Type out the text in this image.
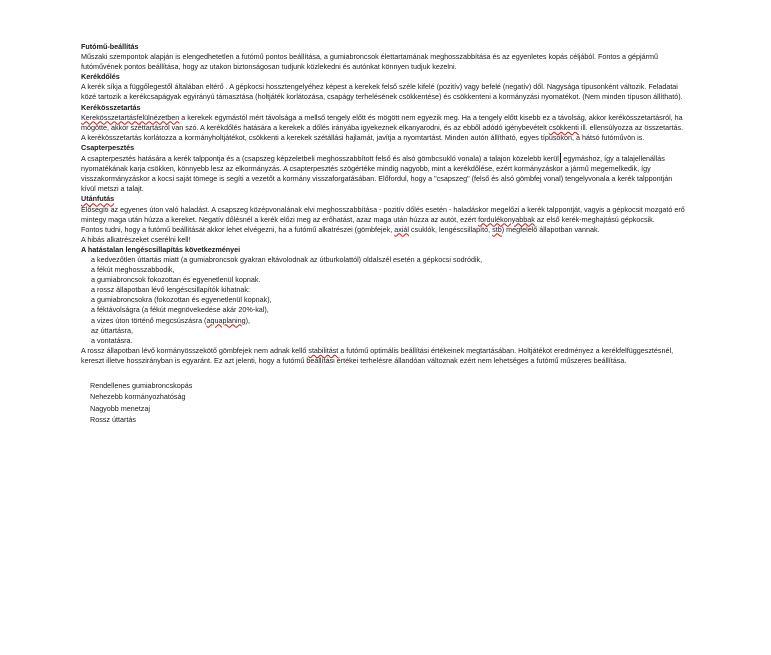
Futómű-beállítás
Műszaki szempontok alapján is elengedhetetlen a futómű pontos beállítása, a gumiabroncsok élettartamának meghosszabbítása és az egyenletes kopás céljából. Fontos a gépjármű futóművének pontos beállítása, hogy az utakon biztonságosan tudjunk közlekedni és autónkat könnyen tudjuk kezelni.
Kerékdőlés
A kerék síkja a függőlegestől általában eltérő . A gépkocsi hossztengelyéhez képest a kerekek felső széle kifelé (pozitív) vagy befelé (negatív) dől. Nagysága típusonként változik. Feladatai közé tartozik a kerékcsapágyak egyirányú támasztása (holtjáték korlátozása, csapágy terhelésének csökkentése) és csökkenteni a kormányzási nyomatékot. (Nem minden típuson állítható).
Kerékösszetartás
Kerekösszetartásfelülnézetben a kerekek egymástól mért távolsága a mellső tengely előtt és mögött nem egyezik meg. Ha a tengely előtt kisebb ez a távolság, akkor kerékösszetartásról, ha mögötte, akkor széttartásról van szó. A kerékdőlés hatására a kerekek a dőlés irányába igyekeznek elkanyarodni, és az ebből adódó igénybevételt csökkenti ill. ellensúlyozza az összetartás. A kerékösszetartás korlátozza a kormányholtjátékot, csökkenti a kerekek szétállási hajlamát, javítja a nyomtartást. Minden autón állítható, egyes típusokon, a hátsó futóművön is.
Csapterpesztés
A csapterpesztés hatására a kerék talppontja és a (csapszeg képzeletbeli meghosszabbított felső és alsó gömbcsukló vonala) a talajon közelebb kerül egymáshoz, így a talajellenállás nyomatékának karja csökken, könnyebb lesz az elkormányzás. A csapterpesztés szögértéke mindig nagyobb, mint a kerékdőlése, ezért kormányzáskor a jármű megemelkedik, így visszakormányzáskor a kocsi saját tömege is segíti a vezetőt a kormány visszaforgatásában. Előfordul, hogy a "csapszeg" (felső és alsó gömbfej vonal) tengelyvonala a kerék talppontján kívül metszi a talajt.
Utánfutás
Elősegíti az egyenes úton való haladást. A csapszeg középvonalának elvi meghosszabbítása - pozitív dőlés esetén - haladáskor megelőzi a kerék talppontját, vagyis a gépkocsit mozgató erő mintegy maga után húzza a kereket. Negatív dőlésnél a kerék előzi meg az erőhatást, azaz maga után húzza az autót, ezért fordulékonyabbak az első kerék-meghajtású gépkocsik.
Fontos tudni, hogy a futómű beállítását akkor lehet elvégezni, ha a futómű alkatrészei (gömbfejek, axiál csuklók, lengéscsillapító, stb) megfelelő állapotban vannak.
A hibás alkatrészeket cserélni kell!
A hatástalan lengéscsillapítás következményei
a kedvezőtlen úttartás miatt (a gumiabroncsok gyakran eltávolodnak az útburkolattól) oldalszél esetén a gépkocsi sodródik,
a fékút meghosszabbodik,
a gumiabroncsok fokozottan és egyenetlenül kopnak.
a rossz állapotban lévő lengéscsillapítók kihatnak:
a gumiabroncsokra (fokozottan és egyenetlenül kopnak),
a féktávolságra (a fékút megnövekedése akár 20%-kal),
a vizes úton történő megcsúszásra (aquaplaning),
az úttartásra,
a vontatásra.
A rossz állapotban lévő kormányösszekötő gömbfejek nem adnak kellő stabilitást a futómű optimális beállítási értékeinek megtartásában. Holtjátékot eredményez a kerékfelfüggesztésnél, kereszt illetve hosszirányban is egyaránt. Ez azt jelenti, hogy a futómű beállítási értékei terhelésre állandóan változnak ezért nem lehetséges a futómű műszeres beállítása.
Rendellenes gumiabroncskopás
Nehezebb kormányozhatóság
Nagyobb menetzaj
Rossz úttartás
